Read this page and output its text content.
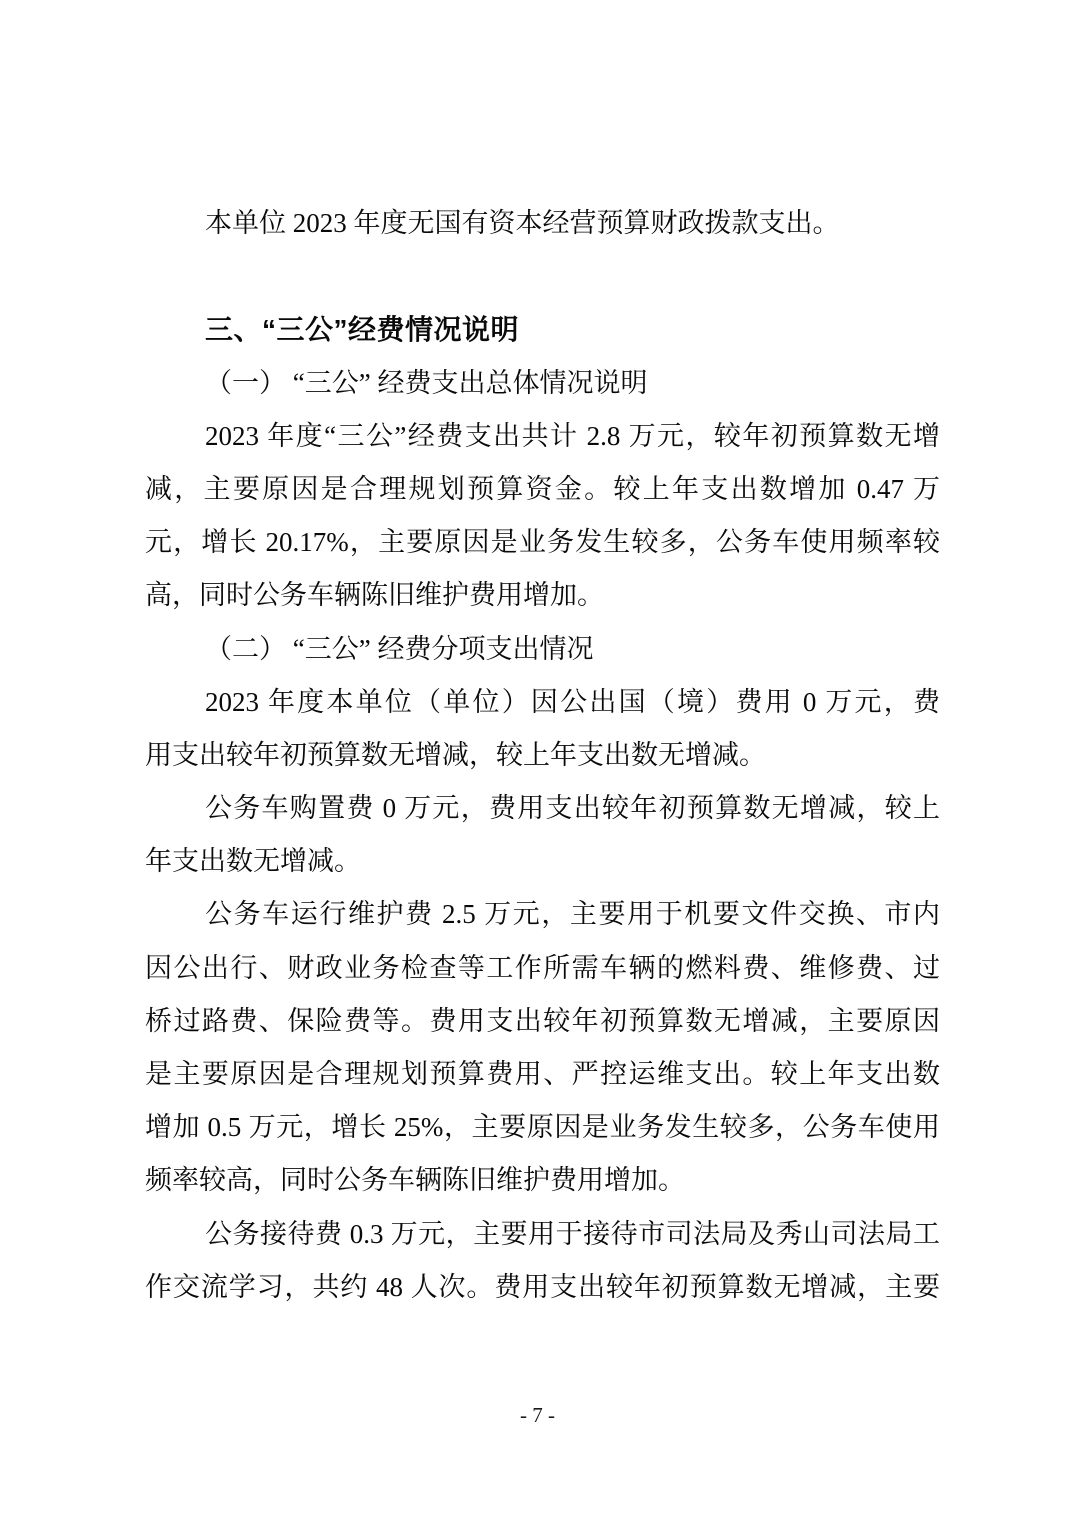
本单位 2023 年度无国有资本经营预算财政拨款支出。
三、“三公”经费情况说明
（一） “三公” 经费支出总体情况说明
2023 年度“三公”经费支出共计 2.8 万元，较年初预算数无增
减，主要原因是合理规划预算资金。较上年支出数增加 0.47 万
元，增长 20.17%，主要原因是业务发生较多，公务车使用频率较
高，同时公务车辆陈旧维护费用增加。
（二） “三公” 经费分项支出情况
2023 年度本单位（单位）因公出国（境）费用 0 万元，费
用支出较年初预算数无增减，较上年支出数无增减。
公务车购置费 0 万元，费用支出较年初预算数无增减，较上
年支出数无增减。
公务车运行维护费 2.5 万元，主要用于机要文件交换、市内
因公出行、财政业务检查等工作所需车辆的燃料费、维修费、过
桥过路费、保险费等。费用支出较年初预算数无增减，主要原因
是主要原因是合理规划预算费用、严控运维支出。较上年支出数
增加 0.5 万元，增长 25%，主要原因是业务发生较多，公务车使用
频率较高，同时公务车辆陈旧维护费用增加。
公务接待费 0.3 万元，主要用于接待市司法局及秀山司法局工
作交流学习，共约 48 人次。费用支出较年初预算数无增减，主要
- 7 -
